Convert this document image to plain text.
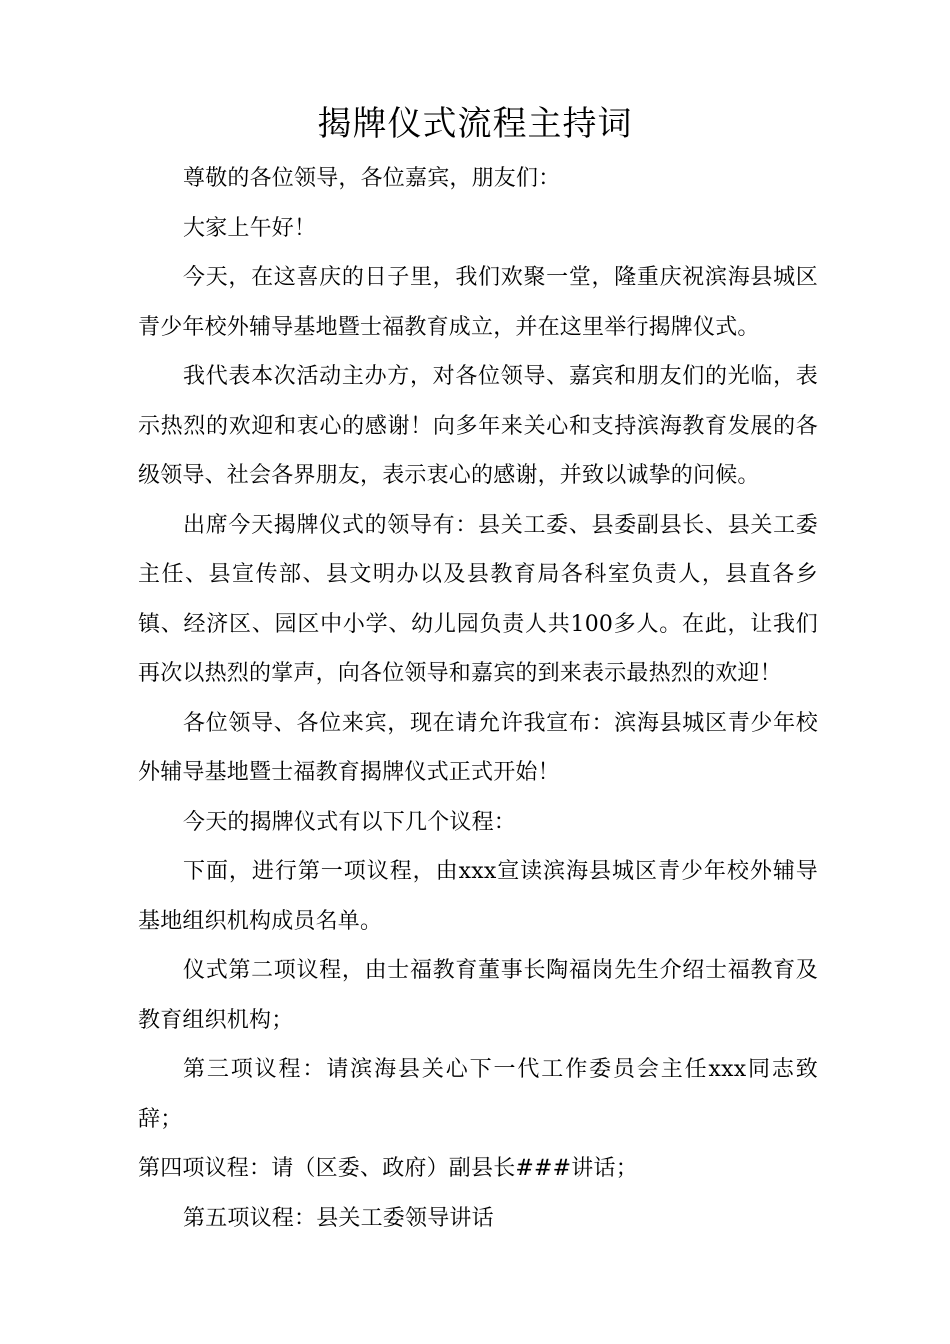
揭牌仪式流程主持词

尊敬的各位领导，各位嘉宾，朋友们：

大家上午好！

今天，在这喜庆的日子里，我们欢聚一堂，隆重庆祝滨海县城区青少年校外辅导基地暨士福教育成立，并在这里举行揭牌仪式。

我代表本次活动主办方，对各位领导、嘉宾和朋友们的光临，表示热烈的欢迎和衷心的感谢！向多年来关心和支持滨海教育发展的各级领导、社会各界朋友，表示衷心的感谢，并致以诚挚的问候。

出席今天揭牌仪式的领导有：县关工委、县委副县长、县关工委主任、县宣传部、县文明办以及县教育局各科室负责人，县直各乡镇、经济区、园区中小学、幼儿园负责人共100多人。在此，让我们再次以热烈的掌声，向各位领导和嘉宾的到来表示最热烈的欢迎！

各位领导、各位来宾，现在请允许我宣布：滨海县城区青少年校外辅导基地暨士福教育揭牌仪式正式开始！

今天的揭牌仪式有以下几个议程：

下面，进行第一项议程，由xxx宣读滨海县城区青少年校外辅导基地组织机构成员名单。

仪式第二项议程，由士福教育董事长陶福岗先生介绍士福教育及教育组织机构；

第三项议程：请滨海县关心下一代工作委员会主任xxx同志致辞；

第四项议程：请（区委、政府）副县长###讲话；

第五项议程：县关工委领导讲话
